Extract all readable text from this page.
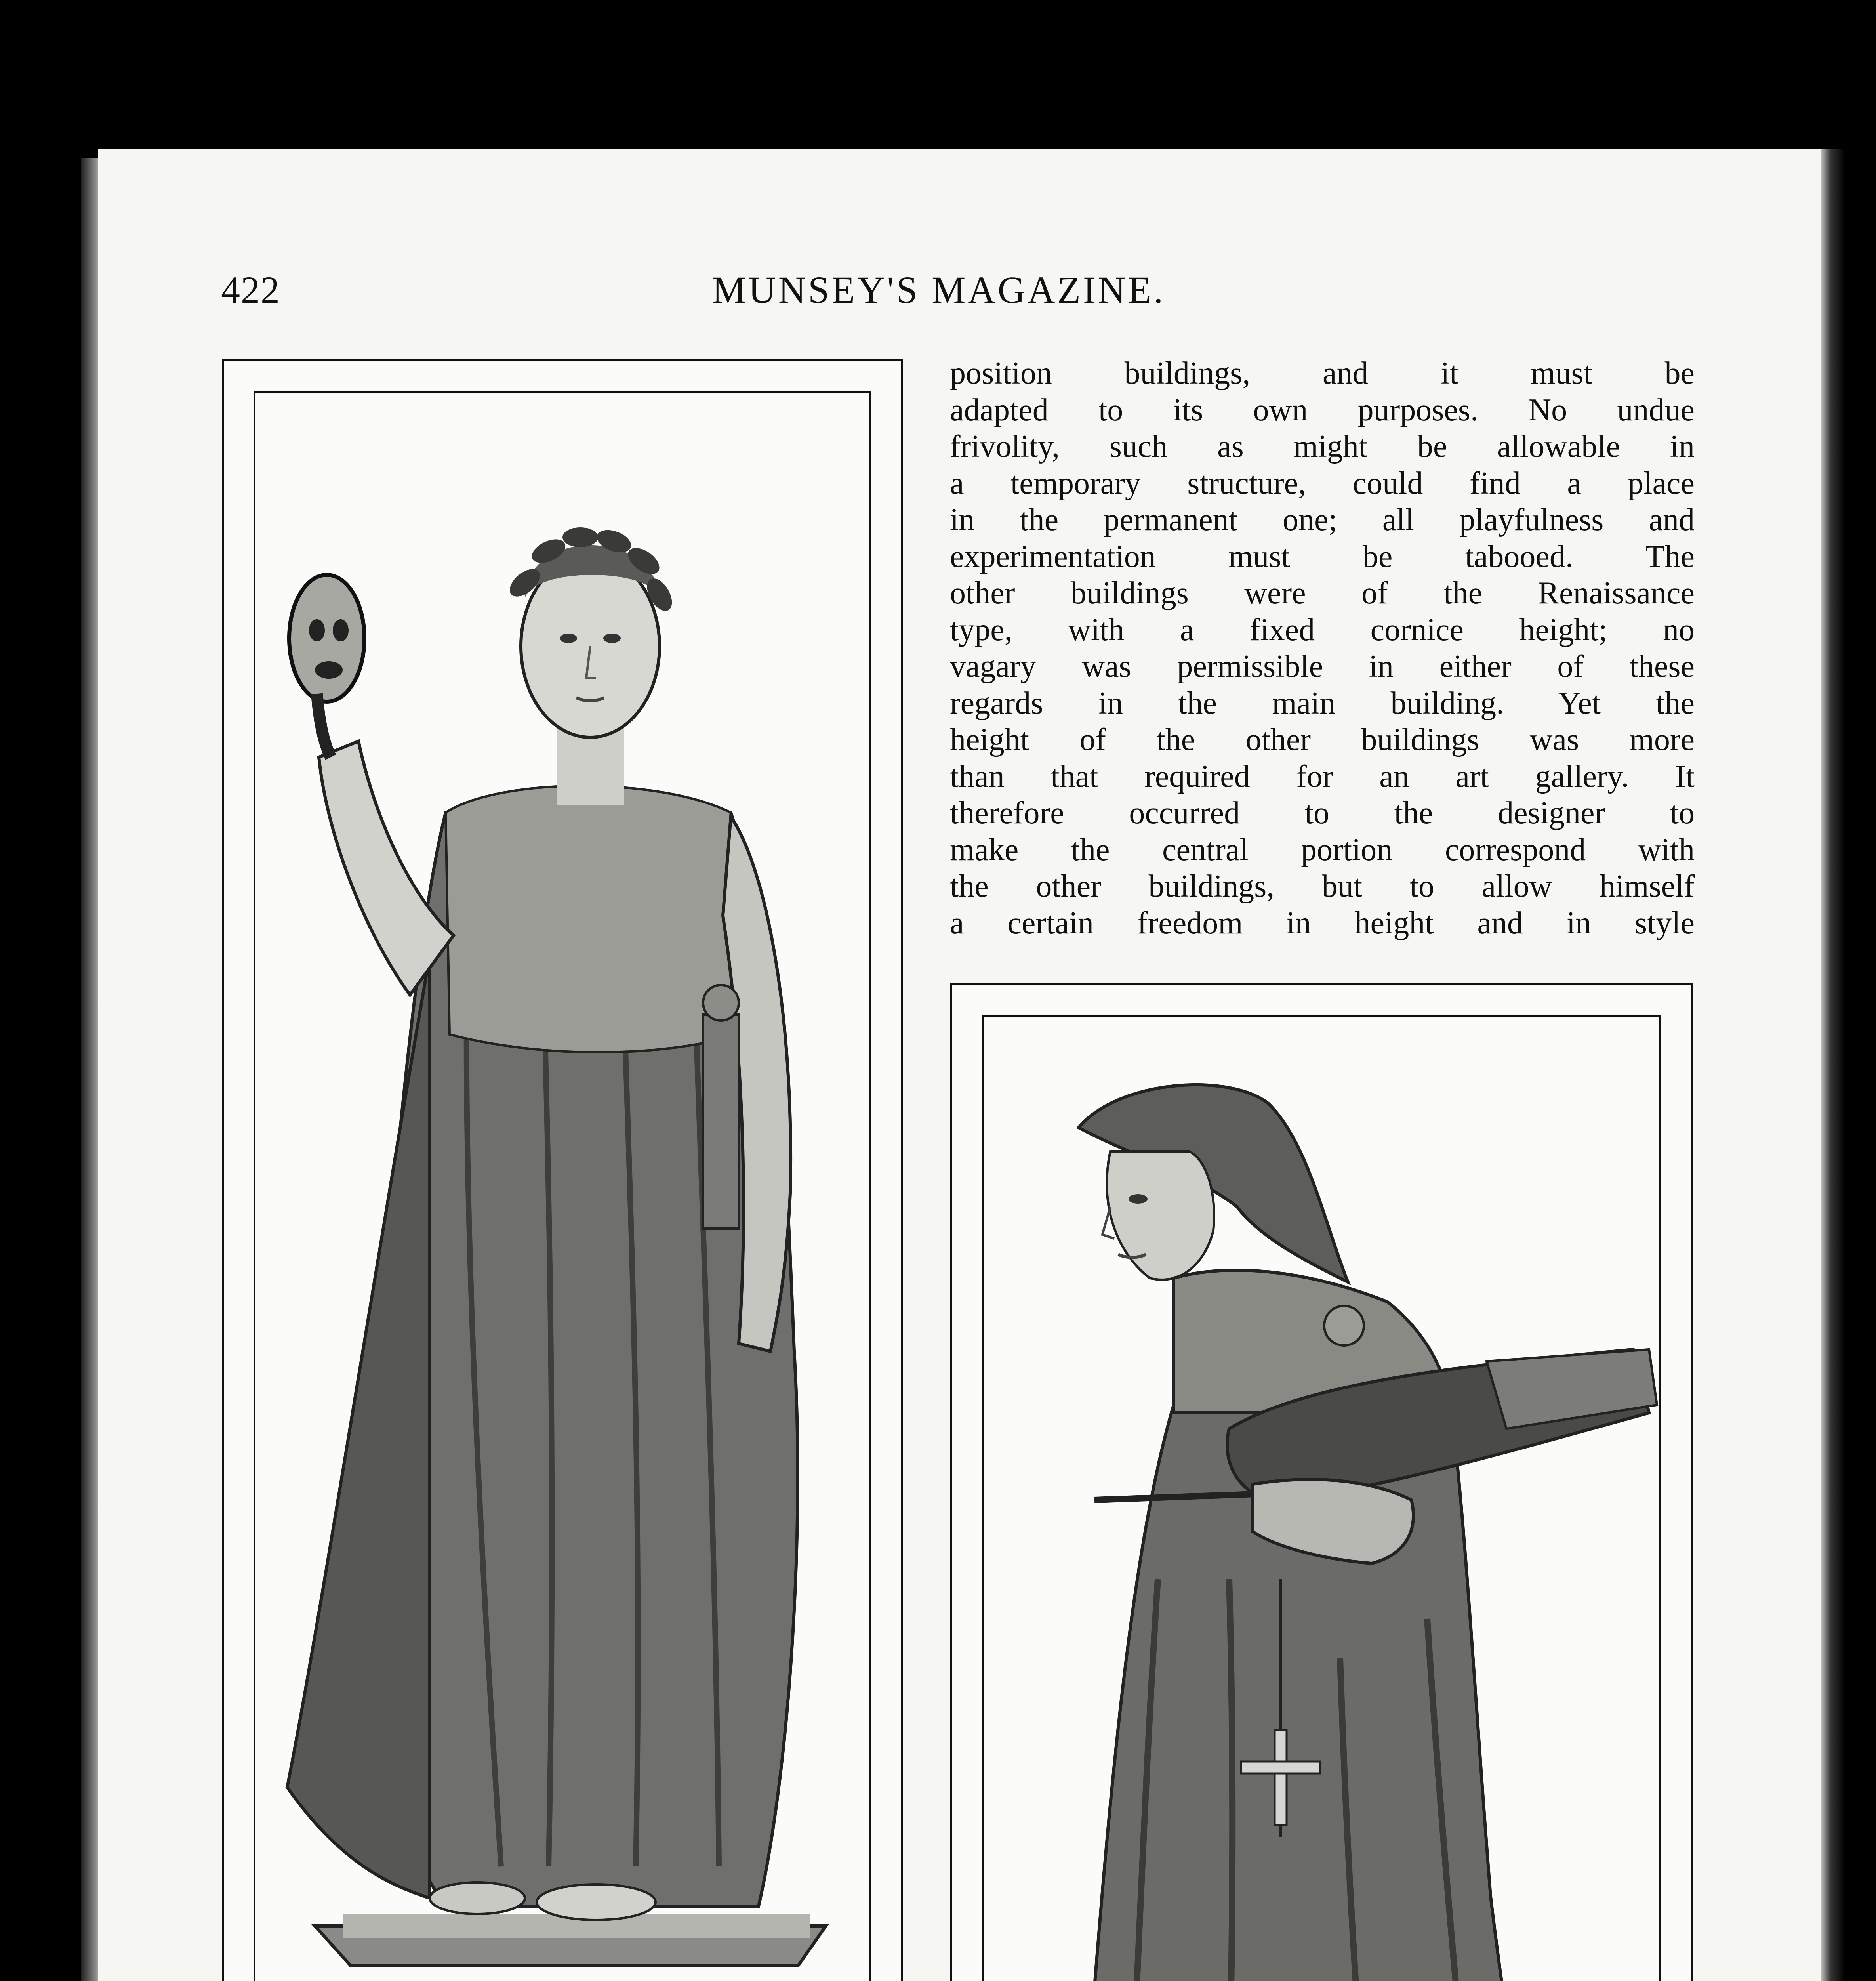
422	MUNSEY'S MAGAZINE.

position buildings, and it must be

adapted to its own purposes. No undue

frivolity, such as might be allowable in

a temporary structure, could find a place

in the permanent one; all playfulness and

experimentation must be tabooed. The

other buildings were of the Renaissance

type, with a fixed cornice height; no

vagary was permissible in either of these

regards in the main building. Yet the

height of the other buildings was more

than that required for an art gallery. It

therefore occurred to the designer to

make the central portion correspond with

the other buildings, but to allow himself

a certain freedom in height and in style
